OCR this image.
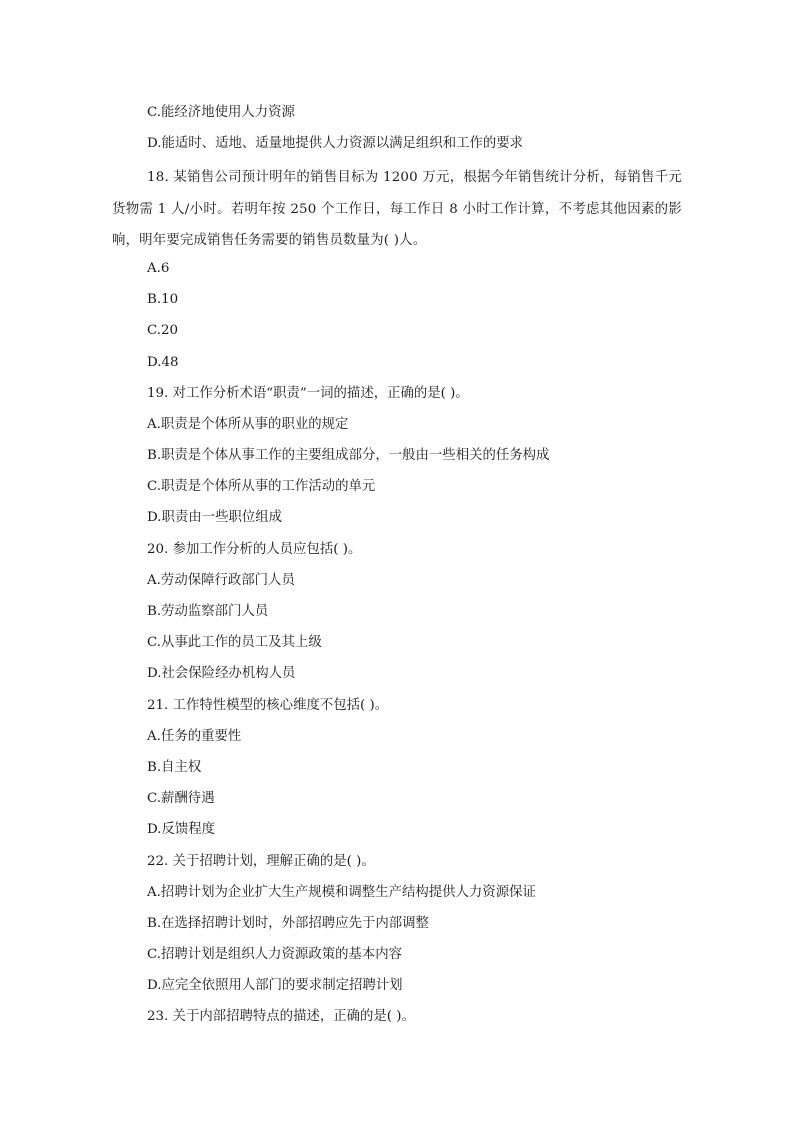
C.能经济地使用人力资源
D.能适时、适地、适量地提供人力资源以满足组织和工作的要求
18. 某销售公司预计明年的销售目标为 1200 万元，根据今年销售统计分析，每销售千元货物需 1 人/小时。若明年按 250 个工作日，每工作日 8 小时工作计算，不考虑其他因素的影响，明年要完成销售任务需要的销售员数量为( )人。
A.6
B.10
C.20
D.48
19. 对工作分析术语“职责”一词的描述，正确的是( )。
A.职责是个体所从事的职业的规定
B.职责是个体从事工作的主要组成部分，一般由一些相关的任务构成
C.职责是个体所从事的工作活动的单元
D.职责由一些职位组成
20. 参加工作分析的人员应包括( )。
A.劳动保障行政部门人员
B.劳动监察部门人员
C.从事此工作的员工及其上级
D.社会保险经办机构人员
21. 工作特性模型的核心维度不包括( )。
A.任务的重要性
B.自主权
C.薪酬待遇
D.反馈程度
22. 关于招聘计划，理解正确的是( )。
A.招聘计划为企业扩大生产规模和调整生产结构提供人力资源保证
B.在选择招聘计划时，外部招聘应先于内部调整
C.招聘计划是组织人力资源政策的基本内容
D.应完全依照用人部门的要求制定招聘计划
23. 关于内部招聘特点的描述，正确的是( )。
